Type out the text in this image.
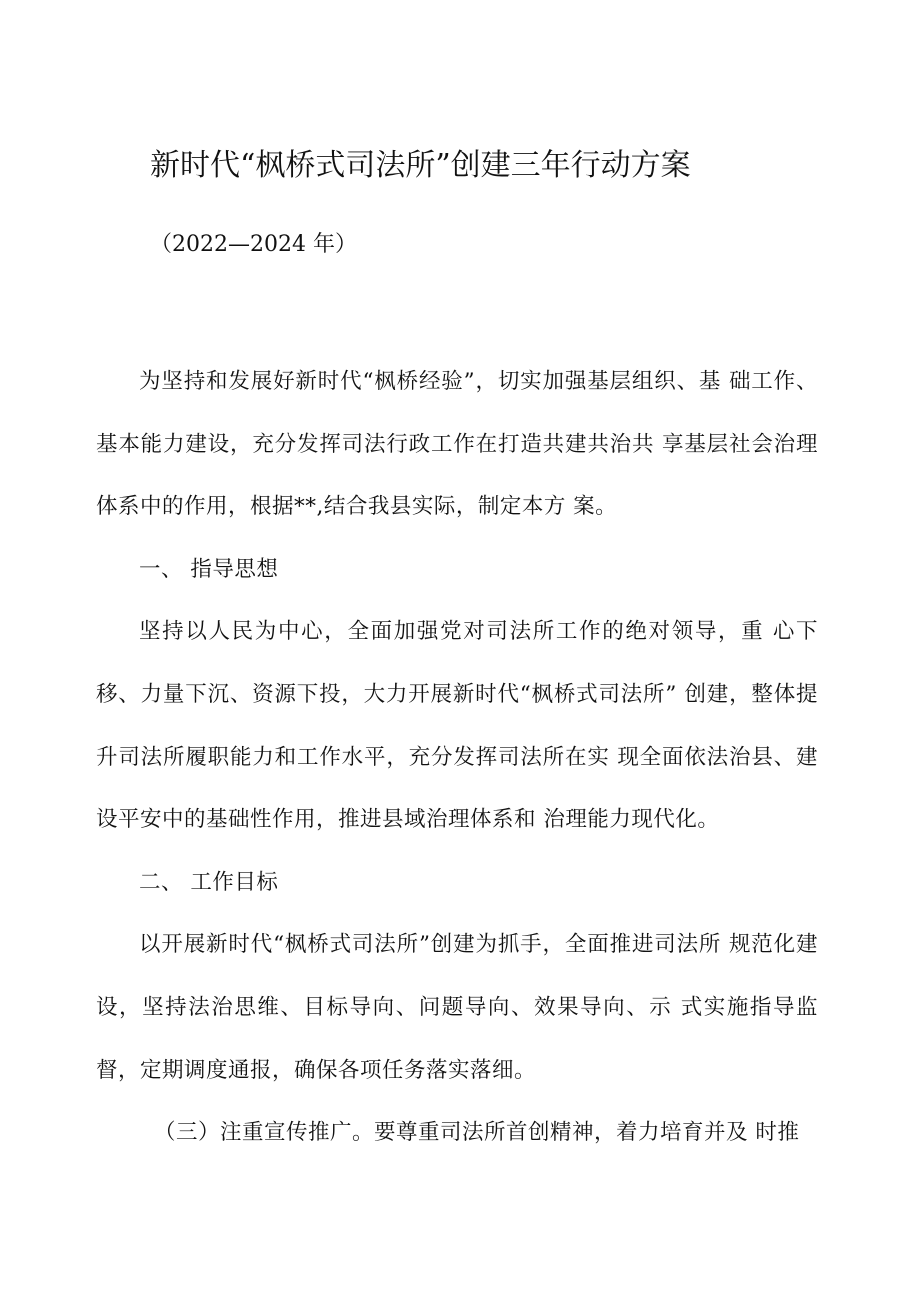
新时代“枫桥式司法所”创建三年行动方案
（2022—2024 年）

为坚持和发展好新时代“枫桥经验”，切实加强基层组织、基 础工作、基本能力建设，充分发挥司法行政工作在打造共建共治共 享基层社会治理体系中的作用，根据**,结合我县实际，制定本方 案。

一、 指导思想

坚持以人民为中心，全面加强党对司法所工作的绝对领导，重 心下移、力量下沉、资源下投，大力开展新时代“枫桥式司法所” 创建，整体提升司法所履职能力和工作水平，充分发挥司法所在实 现全面依法治县、建设平安中的基础性作用，推进县域治理体系和 治理能力现代化。

二、 工作目标

以开展新时代“枫桥式司法所”创建为抓手，全面推进司法所 规范化建设，坚持法治思维、目标导向、问题导向、效果导向、示 式实施指导监督，定期调度通报，确保各项任务落实落细。

（三）注重宣传推广。要尊重司法所首创精神，着力培育并及 时推
